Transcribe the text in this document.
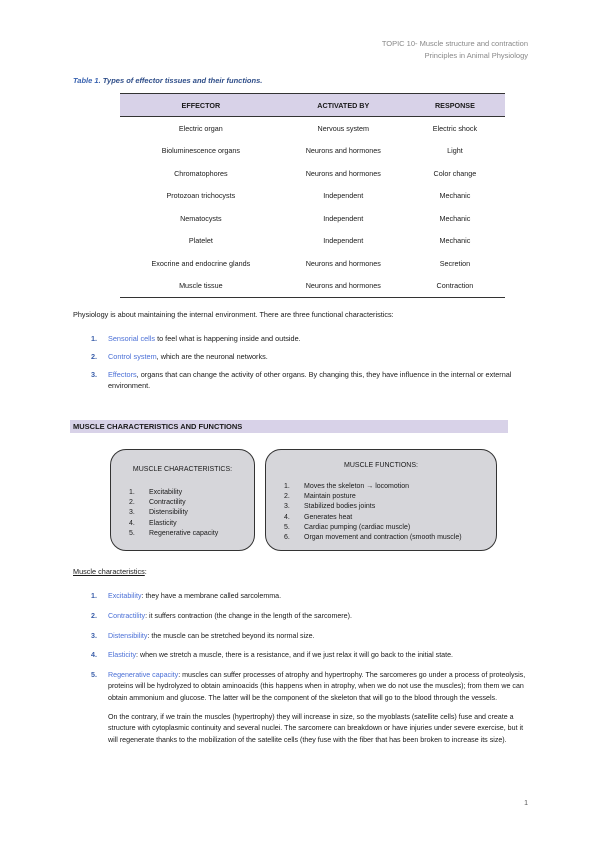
TOPIC 10- Muscle structure and contraction
Principles in Animal Physiology
Table 1. Types of effector tissues and their functions.
EFFECTOR	ACTIVATED BY	RESPONSE
Electric organ	Nervous system	Electric shock
Bioluminescence organs	Neurons and hormones	Light
Chromatophores	Neurons and hormones	Color change
Protozoan trichocysts	Independent	Mechanic
Nematocysts	Independent	Mechanic
Platelet	Independent	Mechanic
Exocrine and endocrine glands	Neurons and hormones	Secretion
Muscle tissue	Neurons and hormones	Contraction
Physiology is about maintaining the internal environment. There are three functional characteristics:
1. Sensorial cells to feel what is happening inside and outside.
2. Control system, which are the neuronal networks.
3. Effectors, organs that can change the activity of other organs. By changing this, they have influence in the internal or external environment.
MUSCLE CHARACTERISTICS AND FUNCTIONS
MUSCLE CHARACTERISTICS:
1. Excitability
2. Contractility
3. Distensibility
4. Elasticity
5. Regenerative capacity
MUSCLE FUNCTIONS:
1. Moves the skeleton → locomotion
2. Maintain posture
3. Stabilized bodies joints
4. Generates heat
5. Cardiac pumping (cardiac muscle)
6. Organ movement and contraction (smooth muscle)
Muscle characteristics:
1. Excitability: they have a membrane called sarcolemma.
2. Contractility: it suffers contraction (the change in the length of the sarcomere).
3. Distensibility: the muscle can be stretched beyond its normal size.
4. Elasticity: when we stretch a muscle, there is a resistance, and if we just relax it will go back to the initial state.
5. Regenerative capacity: muscles can suffer processes of atrophy and hypertrophy. The sarcomeres go under a process of proteolysis, proteins will be hydrolyzed to obtain aminoacids (this happens when in atrophy, when we do not use the muscles); from them we can obtain ammonium and glucose. The latter will be the component of the skeleton that will go to the blood through the vessels.
On the contrary, if we train the muscles (hypertrophy) they will increase in size, so the myoblasts (satellite cells) fuse and create a structure with cytoplasmic continuity and several nuclei. The sarcomere can breakdown or have injuries under severe exercise, but it will regenerate thanks to the mobilization of the satellite cells (they fuse with the fiber that has been broken to increase its size).
1
